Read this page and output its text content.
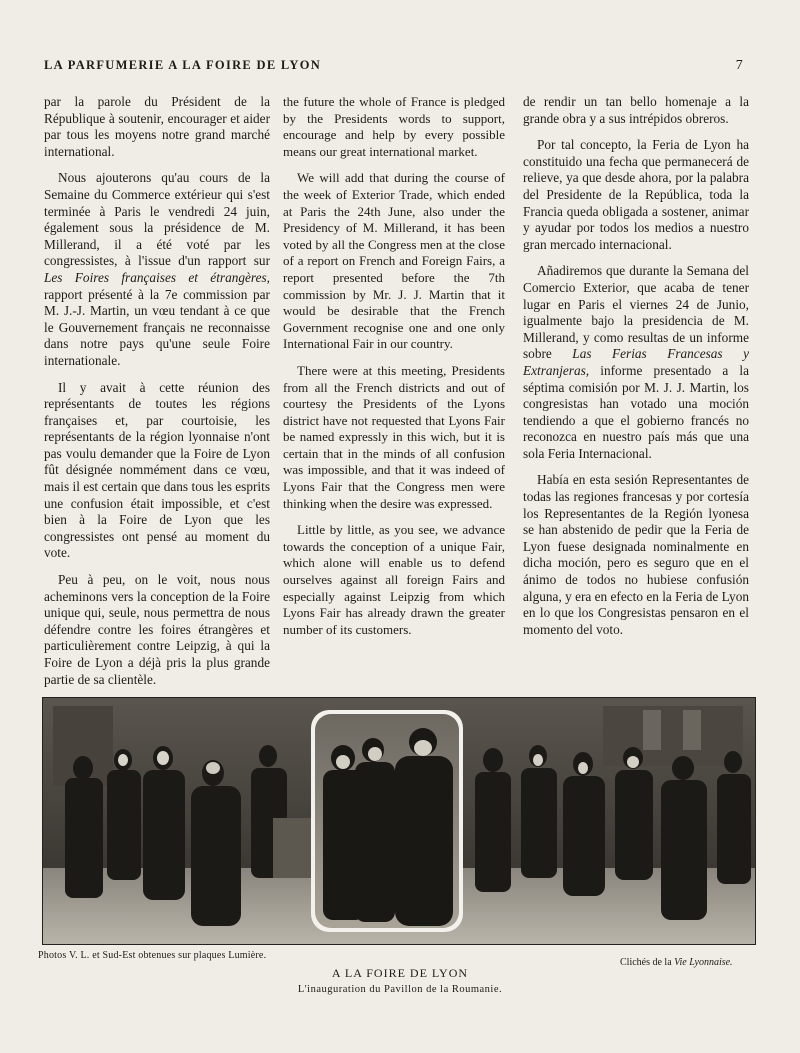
LA PARFUMERIE A LA FOIRE DE LYON	7

par la parole du Président de la République à soutenir, encourager et aider par tous les moyens notre grand marché international.

Nous ajouterons qu'au cours de la Semaine du Commerce extérieur qui s'est terminée à Paris le vendredi 24 juin, également sous la présidence de M. Millerand, il a été voté par les congressistes, à l'issue d'un rapport sur Les Foires françaises et étrangères, rapport présenté à la 7e commission par M. J.-J. Martin, un vœu tendant à ce que le Gouvernement français ne reconnaisse dans notre pays qu'une seule Foire internationale.

Il y avait à cette réunion des représentants de toutes les régions françaises et, par courtoisie, les représentants de la région lyonnaise n'ont pas voulu demander que la Foire de Lyon fût désignée nommément dans ce vœu, mais il est certain que dans tous les esprits une confusion était impossible, et c'est bien à la Foire de Lyon que les congressistes ont pensé au moment du vote.

Peu à peu, on le voit, nous nous acheminons vers la conception de la Foire unique qui, seule, nous permettra de nous défendre contre les foires étrangères et particulièrement contre Leipzig, à qui la Foire de Lyon a déjà pris la plus grande partie de sa clientèle.

the future the whole of France is pledged by the Presidents words to support, encourage and help by every possible means our great international market.

We will add that during the course of the week of Exterior Trade, which ended at Paris the 24th June, also under the Presidency of M. Millerand, it has been voted by all the Congress men at the close of a report on French and Foreign Fairs, a report presented before the 7th commission by Mr. J. J. Martin that it would be desirable that the French Government recognise one and one only International Fair in our country.

There were at this meeting, Presidents from all the French districts and out of courtesy the Presidents of the Lyons district have not requested that Lyons Fair be named expressly in this wich, but it is certain that in the minds of all confusion was impossible, and that it was indeed of Lyons Fair that the Congress men were thinking when the desire was expressed.

Little by little, as you see, we advance towards the conception of a unique Fair, which alone will enable us to defend ourselves against all foreign Fairs and especially against Leipzig from which Lyons Fair has already drawn the greater number of its customers.

de rendir un tan bello homenaje a la grande obra y a sus intrépidos obreros.

Por tal concepto, la Feria de Lyon ha constituido una fecha que permanecerá de relieve, ya que desde ahora, por la palabra del Presidente de la República, toda la Francia queda obligada a sostener, animar y ayudar por todos los medios a nuestro gran mercado internacional.

Añadiremos que durante la Semana del Comercio Exterior, que acaba de tener lugar en Paris el viernes 24 de Junio, igualmente bajo la presidencia de M. Millerand, y como resultas de un informe sobre Las Ferias Francesas y Extranjeras, informe presentado a la séptima comisión por M. J. J. Martin, los congresistas han votado una moción tendiendo a que el gobierno francés no reconozca en nuestro país más que una sola Feria Internacional.

Había en esta sesión Representantes de todas las regiones francesas y por cortesía los Representantes de la Región lyonesa se han abstenido de pedir que la Feria de Lyon fuese designada nominalmente en dicha moción, pero es seguro que en el ánimo de todos no hubiese confusión alguna, y era en efecto en la Feria de Lyon en lo que los Congresistas pensaron en el momento del voto.

Photos V. L. et Sud-Est obtenues sur plaques Lumière.
Clichés de la Vie Lyonnaise.
A LA FOIRE DE LYON
L'inauguration du Pavillon de la Roumanie.
